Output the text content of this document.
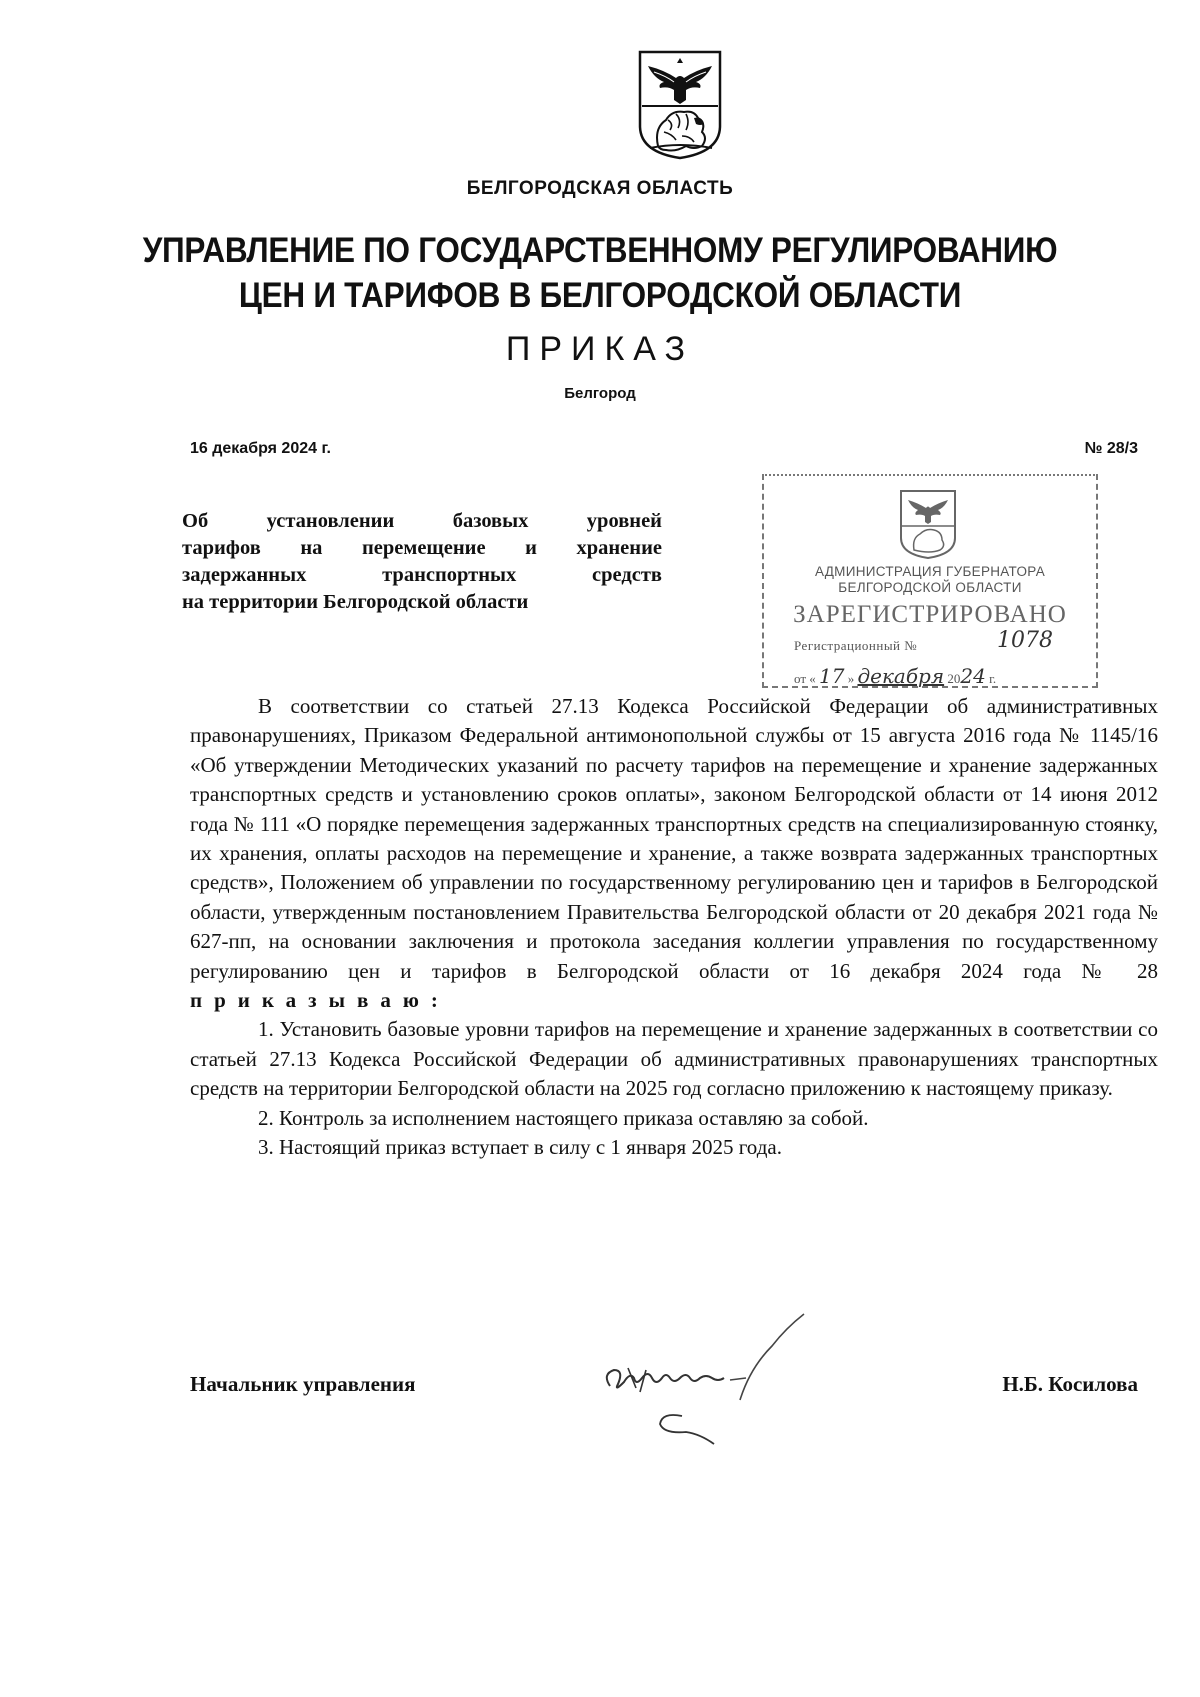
БЕЛГОРОДСКАЯ ОБЛАСТЬ
УПРАВЛЕНИЕ ПО ГОСУДАРСТВЕННОМУ РЕГУЛИРОВАНИЮ
ЦЕН И ТАРИФОВ В БЕЛГОРОДСКОЙ ОБЛАСТИ
ПРИКАЗ
Белгород
16 декабря 2024 г.	№ 28/3
Об установлении базовых уровней
тарифов на перемещение и хранение
задержанных транспортных средств
на территории Белгородской области
АДМИНИСТРАЦИЯ ГУБЕРНАТОРА
БЕЛГОРОДСКОЙ ОБЛАСТИ
ЗАРЕГИСТРИРОВАНО
Регистрационный №	1078
от « 17 » декабря 2024 г.

В соответствии со статьей 27.13 Кодекса Российской Федерации об административных правонарушениях, Приказом Федеральной антимонопольной службы от 15 августа 2016 года № 1145/16 «Об утверждении Методических указаний по расчету тарифов на перемещение и хранение задержанных транспортных средств и установлению сроков оплаты», законом Белгородской области от 14 июня 2012 года № 111 «О порядке перемещения задержанных транспортных средств на специализированную стоянку, их хранения, оплаты расходов на перемещение и хранение, а также возврата задержанных транспортных средств», Положением об управлении по государственному регулированию цен и тарифов в Белгородской области, утвержденным постановлением Правительства Белгородской области от 20 декабря 2021 года № 627-пп, на основании заключения и протокола заседания коллегии управления по государственному регулированию цен и тарифов в Белгородской области от 16 декабря 2024 года № 28 приказываю:

1. Установить базовые уровни тарифов на перемещение и хранение задержанных в соответствии со статьей 27.13 Кодекса Российской Федерации об административных правонарушениях транспортных средств на территории Белгородской области на 2025 год согласно приложению к настоящему приказу.

2. Контроль за исполнением настоящего приказа оставляю за собой.

3. Настоящий приказ вступает в силу с 1 января 2025 года.

Начальник управления	Н.Б. Косилова
